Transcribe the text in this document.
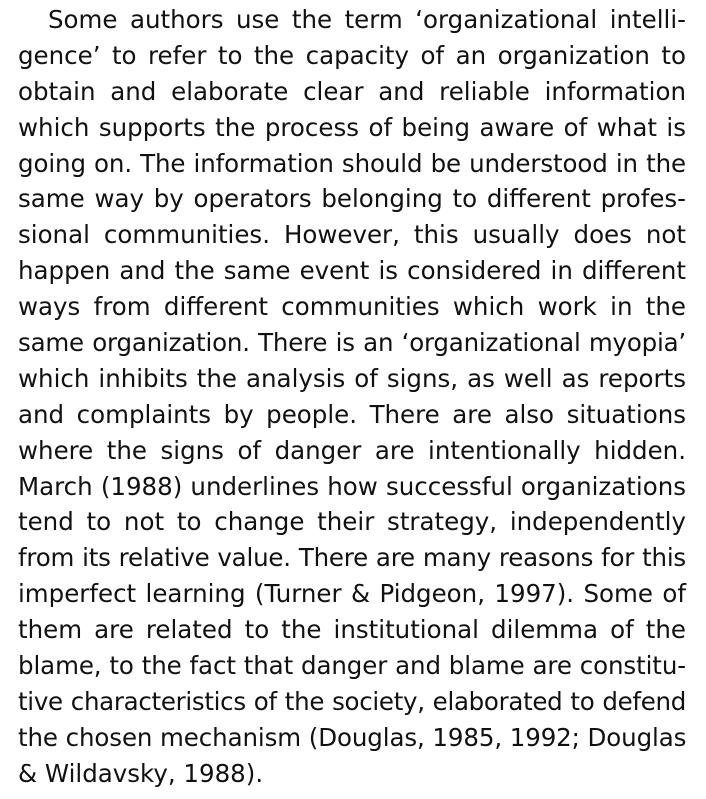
Some authors use the term ‘organizational intelli-
gence’ to refer to the capacity of an organization to
obtain and elaborate clear and reliable information
which supports the process of being aware of what is
going on. The information should be understood in the
same way by operators belonging to different profes-
sional communities. However, this usually does not
happen and the same event is considered in different
ways from different communities which work in the
same organization. There is an ‘organizational myopia’
which inhibits the analysis of signs, as well as reports
and complaints by people. There are also situations
where the signs of danger are intentionally hidden.
March (1988) underlines how successful organizations
tend to not to change their strategy, independently
from its relative value. There are many reasons for this
imperfect learning (Turner & Pidgeon, 1997). Some of
them are related to the institutional dilemma of the
blame, to the fact that danger and blame are constitu-
tive characteristics of the society, elaborated to defend
the chosen mechanism (Douglas, 1985, 1992; Douglas
& Wildavsky, 1988).
